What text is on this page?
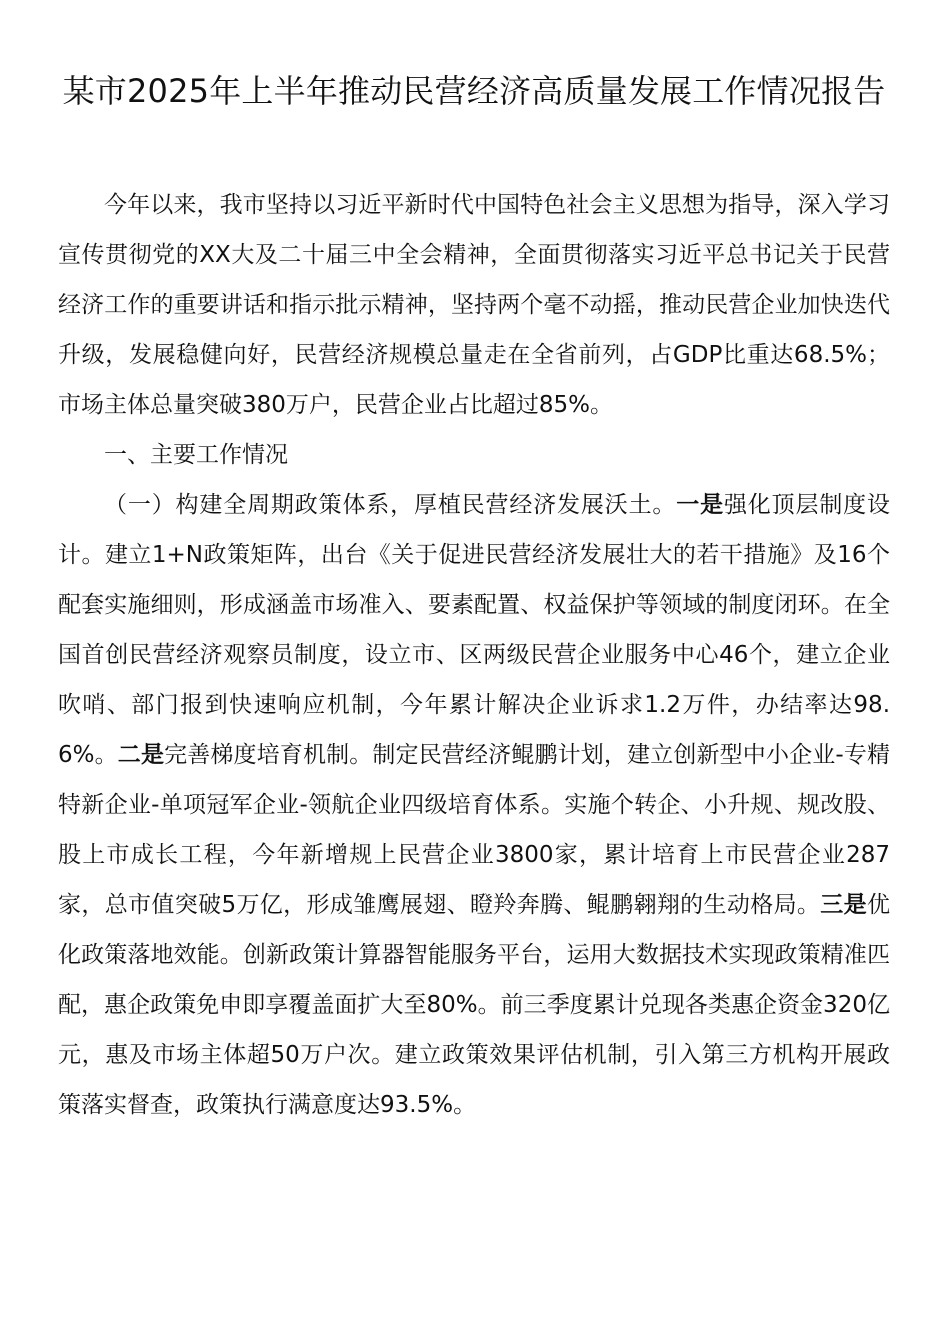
某市2025年上半年推动民营经济高质量发展工作情况报告

今年以来，我市坚持以习近平新时代中国特色社会主义思想为指导，深入学习宣传贯彻党的XX大及二十届三中全会精神，全面贯彻落实习近平总书记关于民营经济工作的重要讲话和指示批示精神，坚持两个毫不动摇，推动民营企业加快迭代升级，发展稳健向好，民营经济规模总量走在全省前列，占GDP比重达68.5%；市场主体总量突破380万户，民营企业占比超过85%。

一、主要工作情况

（一）构建全周期政策体系，厚植民营经济发展沃土。一是强化顶层制度设计。建立1+N政策矩阵，出台《关于促进民营经济发展壮大的若干措施》及16个配套实施细则，形成涵盖市场准入、要素配置、权益保护等领域的制度闭环。在全国首创民营经济观察员制度，设立市、区两级民营企业服务中心46个，建立企业吹哨、部门报到快速响应机制，今年累计解决企业诉求1.2万件，办结率达98.6%。二是完善梯度培育机制。制定民营经济鲲鹏计划，建立创新型中小企业-专精特新企业-单项冠军企业-领航企业四级培育体系。实施个转企、小升规、规改股、股上市成长工程，今年新增规上民营企业3800家，累计培育上市民营企业287家，总市值突破5万亿，形成雏鹰展翅、瞪羚奔腾、鲲鹏翱翔的生动格局。三是优化政策落地效能。创新政策计算器智能服务平台，运用大数据技术实现政策精准匹配，惠企政策免申即享覆盖面扩大至80%。前三季度累计兑现各类惠企资金320亿元，惠及市场主体超50万户次。建立政策效果评估机制，引入第三方机构开展政策落实督查，政策执行满意度达93.5%。
